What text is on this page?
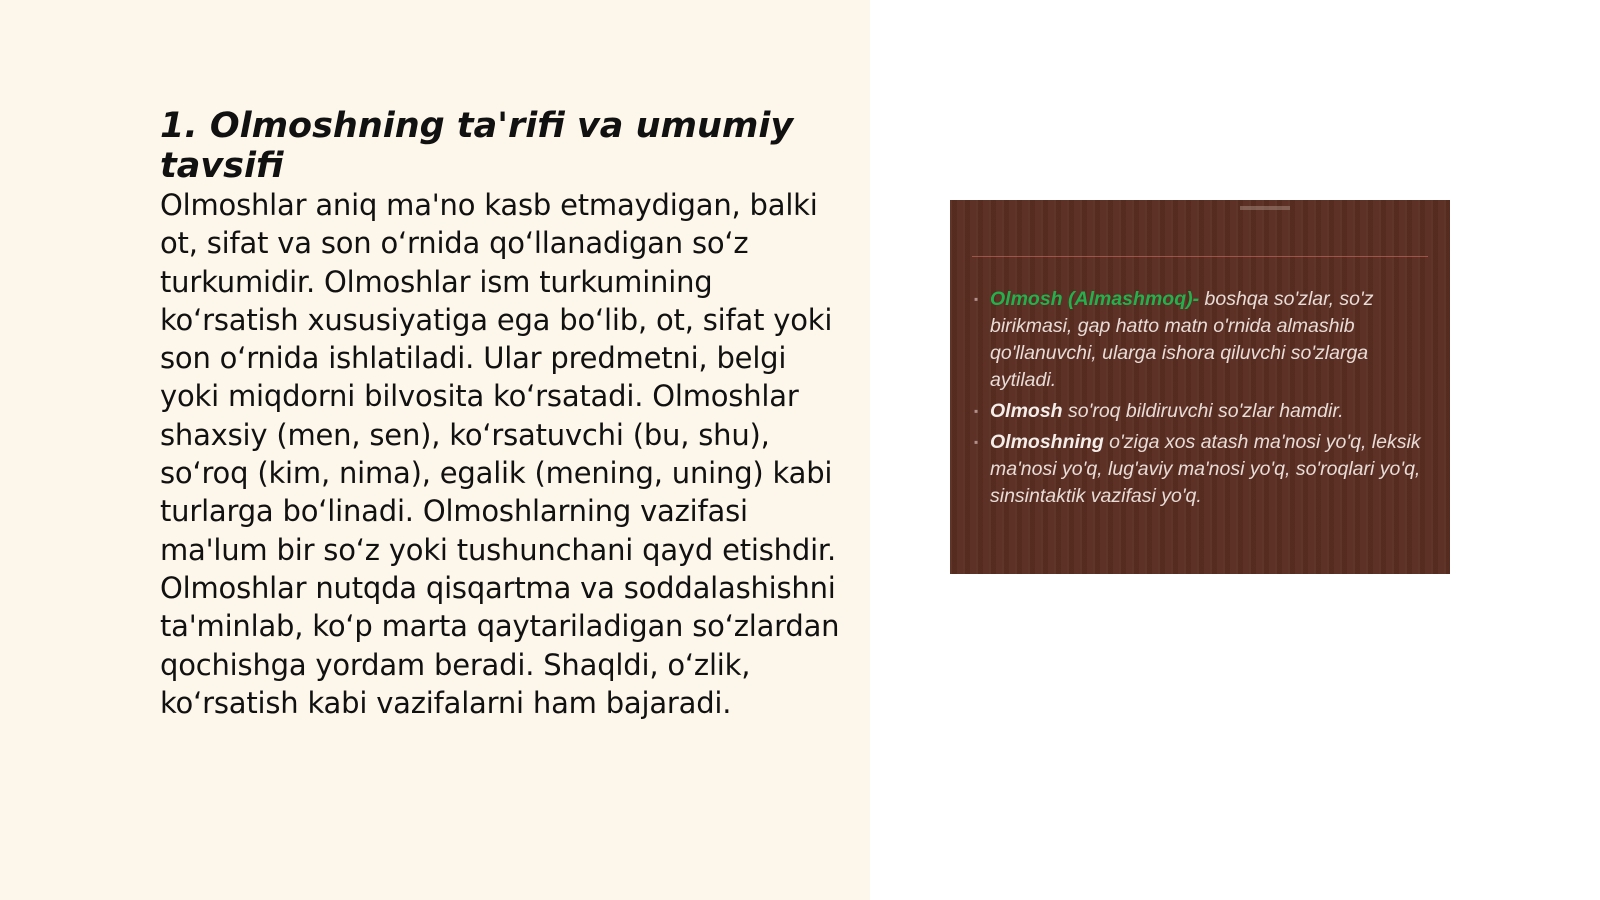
1. Olmoshning ta'rifi va umumiy tavsifi

Olmoshlar aniq ma'no kasb etmaydigan, balki ot, sifat va son o‘rnida qo‘llanadigan so‘z turkumidir. Olmoshlar ism turkumining ko‘rsatish xususiyatiga ega bo‘lib, ot, sifat yoki son o‘rnida ishlatiladi. Ular predmetni, belgi yoki miqdorni bilvosita ko‘rsatadi. Olmoshlar shaxsiy (men, sen), ko‘rsatuvchi (bu, shu), so‘roq (kim, nima), egalik (mening, uning) kabi turlarga bo‘linadi. Olmoshlarning vazifasi ma'lum bir so‘z yoki tushunchani qayd etishdir. Olmoshlar nutqda qisqartma va soddalashishni ta'minlab, ko‘p marta qaytariladigan so‘zlardan qochishga yordam beradi. Shaqldi, o‘zlik, ko‘rsatish kabi vazifalarni ham bajaradi.

▪ Olmosh (Almashmoq)- boshqa so'zlar, so'z birikmasi, gap hatto matn o'rnida almashib qo'llanuvchi, ularga ishora qiluvchi so'zlarga aytiladi.
▪ Olmosh so'roq bildiruvchi so'zlar hamdir.
▪ Olmoshning o'ziga xos atash ma'nosi yo'q, leksik ma'nosi yo'q, lug'aviy ma'nosi yo'q, so'roqlari yo'q, sinsintaktik vazifasi yo'q.
